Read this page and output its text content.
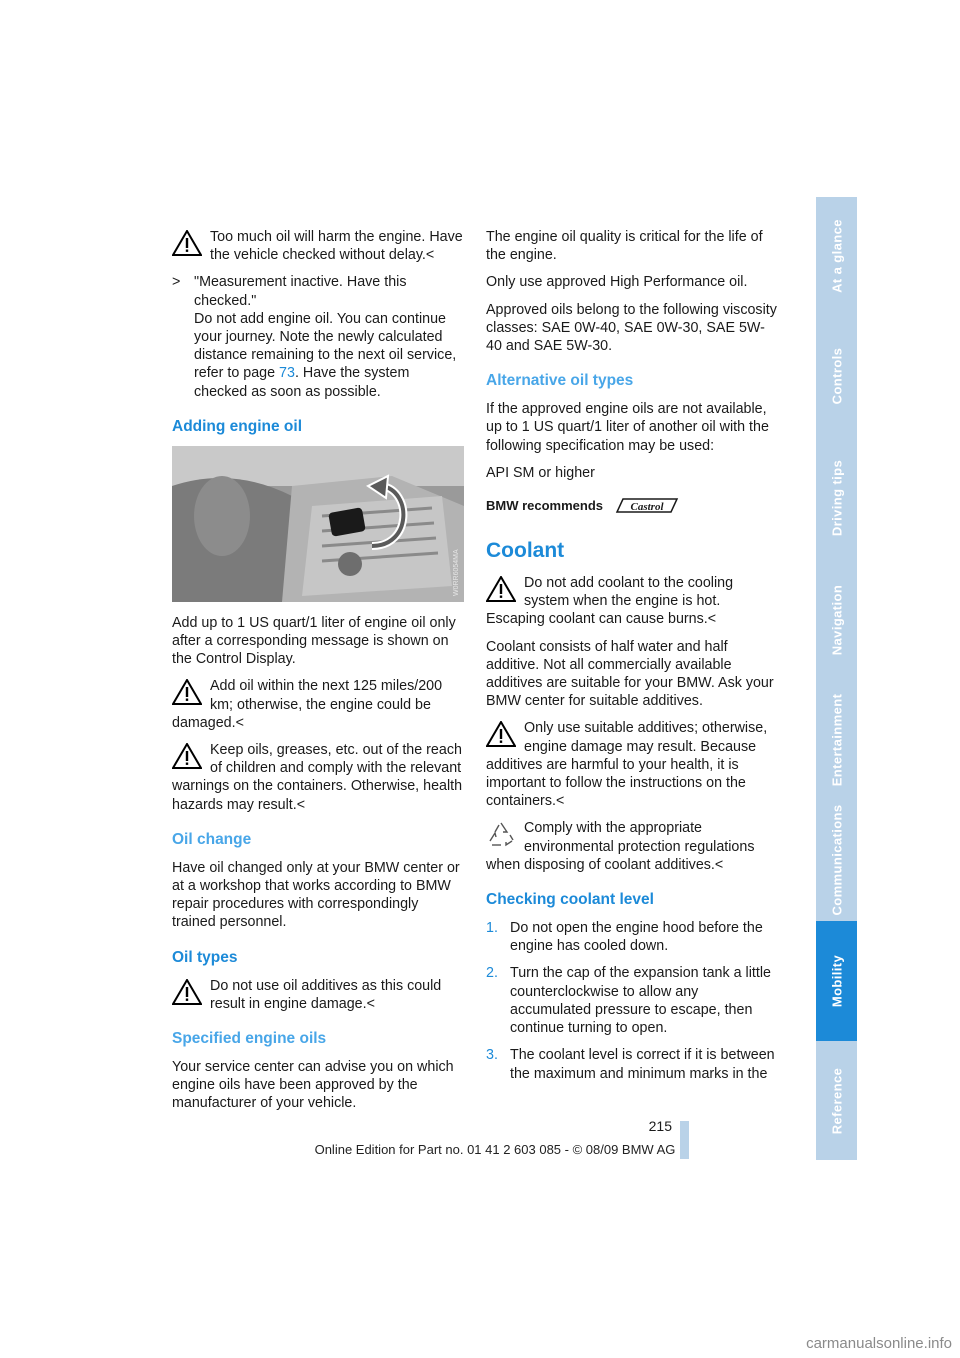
Too much oil will harm the engine. Have the vehicle checked without delay.<
> "Measurement inactive. Have this checked."
Do not add engine oil. You can continue your journey. Note the newly calculated distance remaining to the next oil service, refer to page 73. Have the system checked as soon as possible.
Adding engine oil
W0RR6054MA

Add up to 1 US quart/1 liter of engine oil only after a corresponding message is shown on the Control Display.

Add oil within the next 125 miles/200 km; otherwise, the engine could be damaged.<
Keep oils, greases, etc. out of the reach of children and comply with the relevant warnings on the containers. Otherwise, health hazards may result.<
Oil change

Have oil changed only at your BMW center or at a workshop that works according to BMW repair procedures with correspondingly trained personnel.

Oil types
Do not use oil additives as this could result in engine damage.<
Specified engine oils

Your service center can advise you on which engine oils have been approved by the manufacturer of your vehicle.

The engine oil quality is critical for the life of the engine.

Only use approved High Performance oil.

Approved oils belong to the following viscosity classes: SAE 0W-40, SAE 0W-30, SAE 5W-40 and SAE 5W-30.

Alternative oil types

If the approved engine oils are not available, up to 1 US quart/1 liter of another oil with the following specification may be used:

API SM or higher

BMW recommends Castrol
Coolant
Do not add coolant to the cooling system when the engine is hot. Escaping coolant can cause burns.<

Coolant consists of half water and half additive. Not all commercially available additives are suitable for your BMW. Ask your BMW center for suitable additives.

Only use suitable additives; otherwise, engine damage may result. Because additives are harmful to your health, it is important to follow the instructions on the containers.<
Comply with the appropriate environmental protection regulations when disposing of coolant additives.<
Checking coolant level
1. Do not open the engine hood before the engine has cooled down.
2. Turn the cap of the expansion tank a little counterclockwise to allow any accumulated pressure to escape, then continue turning to open.
3. The coolant level is correct if it is between the maximum and minimum marks in the
At a glance
Controls
Driving tips
Navigation
Entertainment
Communications
Mobility
Reference
215
Online Edition for Part no. 01 41 2 603 085 - © 08/09 BMW AG
carmanualsonline.info
